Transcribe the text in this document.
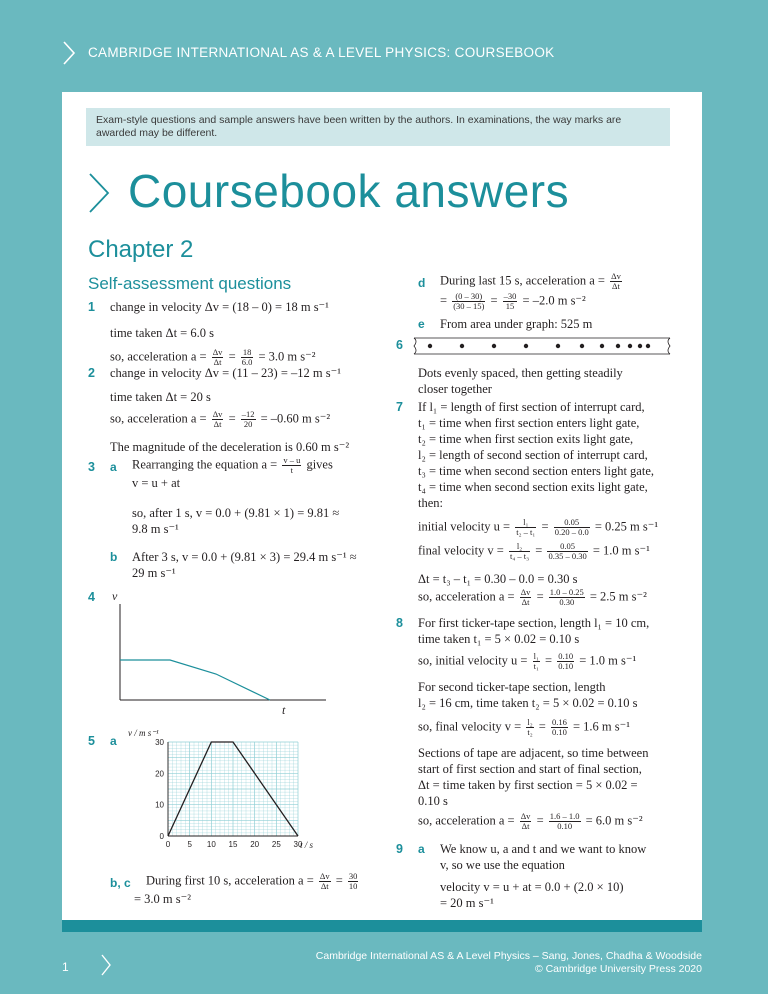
CAMBRIDGE INTERNATIONAL AS & A LEVEL PHYSICS: COURSEBOOK
Exam-style questions and sample answers have been written by the authors. In examinations, the way marks are awarded may be different.
Coursebook answers
Chapter 2
Self-assessment questions
1 change in velocity Δv = (18 – 0) = 18 m s⁻¹
time taken Δt = 6.0 s
so, acceleration $a = \frac{\Delta v}{\Delta t} = \frac{18}{6.0} = 3.0$ m s⁻²
2 change in velocity Δv = (11 – 23) = –12 m s⁻¹
time taken Δt = 20 s
so, acceleration $a = \frac{\Delta v}{\Delta t} = \frac{-12}{20} = -0.60$ m s⁻²
The magnitude of the deceleration is 0.60 m s⁻²
3 a Rearranging the equation $a = \frac{v - u}{t}$ gives
v = u + at
so, after 1 s, v = 0.0 + (9.81 × 1) = 9.81 ≈
9.8 m s⁻¹
b After 3 s, v = 0.0 + (9.81 × 3) = 29.4 m s⁻¹ ≈
29 m s⁻¹
4 v
t
5 a
0
10
20
30
0 5 10 15 20 25 30
v / m s⁻¹
t / s
b, c During first 10 s, acceleration $a = \frac{\Delta v}{\Delta t} = \frac{30}{10}$
= 3.0 m s⁻²
d During last 15 s, acceleration $a = \frac{\Delta v}{\Delta t}$
= $\frac{(0 - 30)}{(30 - 15)} = \frac{-30}{15} = -2.0$ m s⁻²
e From area under graph: 525 m
6
Dots evenly spaced, then getting steadily
closer together
7 If l₁ = length of first section of interrupt card,
t₁ = time when first section enters light gate,
t₂ = time when first section exits light gate,
l₂ = length of second section of interrupt card,
t₃ = time when second section enters light gate,
t₄ = time when second section exits light gate,
then:
initial velocity $u = \frac{\text{l₁}}{\text{t₂ – t₁}} = \frac{0.05}{0.20 - 0.0} = 0.25$ m s⁻¹
final velocity $v = \frac{\text{l₂}}{\text{t₄ – t₃}} = \frac{0.05}{0.35 - 0.30} = 1.0$ m s⁻¹
Δt = t₃ – t₁ = 0.30 – 0.0 = 0.30 s
so, acceleration $a = \frac{\Delta v}{\Delta t} = \frac{1.0 - 0.25}{0.30} = 2.5$ m s⁻²
8 For first ticker-tape section, length l₁ = 10 cm,
time taken t₁ = 5 × 0.02 = 0.10 s
so, initial velocity $u = \frac{\text{l₁}}{\text{t₁}} = \frac{0.10}{0.10} = 1.0$ m s⁻¹
For second ticker-tape section, length
l₂ = 16 cm, time taken t₂ = 5 × 0.02 = 0.10 s
so, final velocity $v = \frac{\text{l₂}}{\text{t₂}} = \frac{0.16}{0.10} = 1.6$ m s⁻¹
Sections of tape are adjacent, so time between
start of first section and start of final section,
Δt = time taken by first section = 5 × 0.02 =
0.10 s
so, acceleration $a = \frac{\Delta v}{\Delta t} = \frac{1.6 - 1.0}{0.10} = 6.0$ m s⁻²
9 a We know u, a and t and we want to know
v, so we use the equation
velocity v = u + at = 0.0 + (2.0 × 10)
= 20 m s⁻¹
1
Cambridge International AS & A Level Physics – Sang, Jones, Chadha & Woodside
© Cambridge University Press 2020
